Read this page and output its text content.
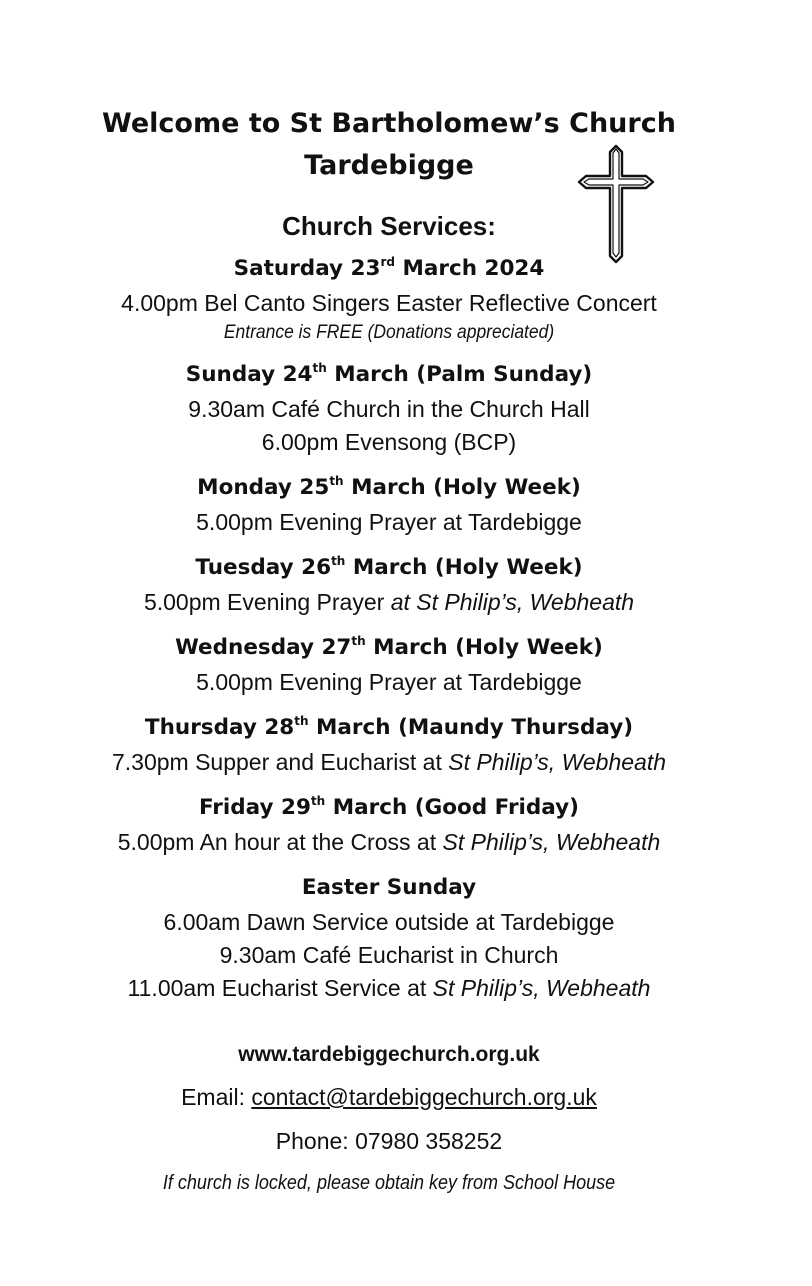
Welcome to St Bartholomew’s Church
Tardebigge
Church Services:
Saturday 23rd March 2024
4.00pm Bel Canto Singers Easter Reflective Concert
Entrance is FREE (Donations appreciated)
Sunday 24th March (Palm Sunday)
9.30am Café Church in the Church Hall
6.00pm Evensong (BCP)
Monday 25th March (Holy Week)
5.00pm Evening Prayer at Tardebigge
Tuesday 26th March (Holy Week)
5.00pm Evening Prayer at St Philip’s, Webheath
Wednesday 27th March (Holy Week)
5.00pm Evening Prayer at Tardebigge
Thursday 28th March (Maundy Thursday)
7.30pm Supper and Eucharist at St Philip’s, Webheath
Friday 29th March (Good Friday)
5.00pm An hour at the Cross at St Philip’s, Webheath
Easter Sunday
6.00am Dawn Service outside at Tardebigge
9.30am Café Eucharist in Church
11.00am Eucharist Service at St Philip’s, Webheath
www.tardebiggechurch.org.uk
Email: contact@tardebiggechurch.org.uk
Phone: 07980 358252
If church is locked, please obtain key from School House
